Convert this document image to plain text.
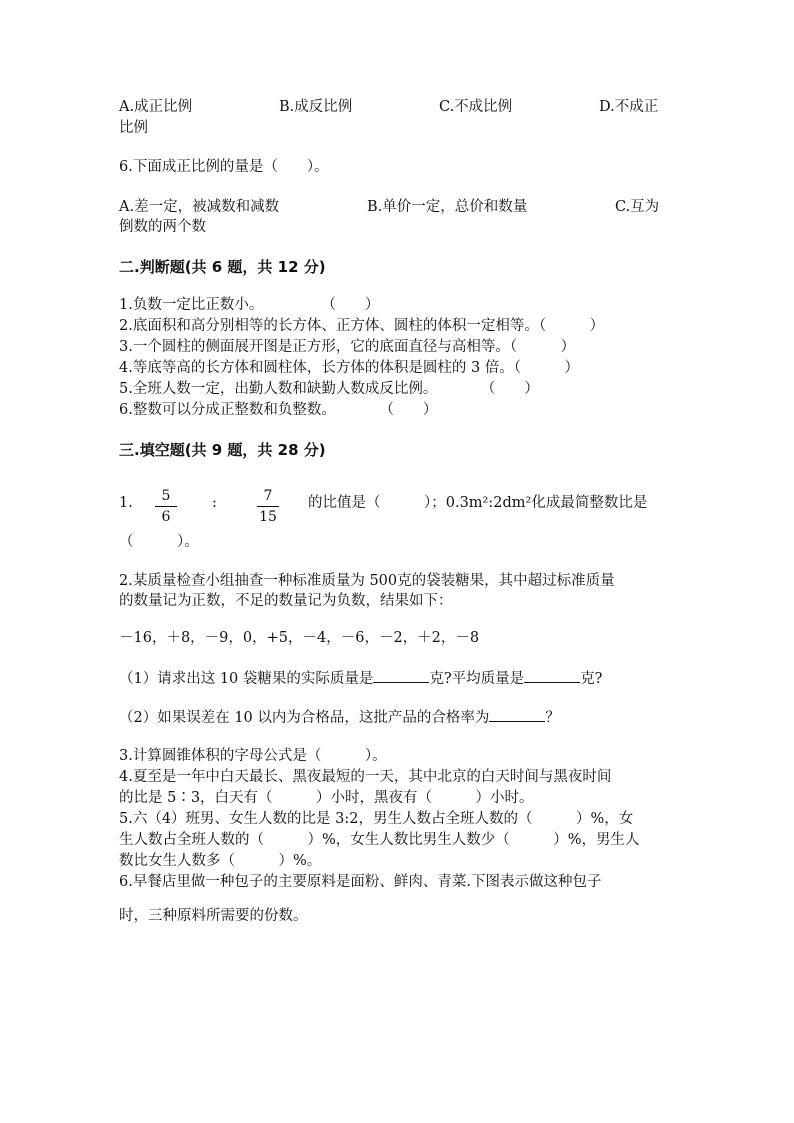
A.成正比例	B.成反比例	C.不成比例	D.不成正
比例
6.下面成正比例的量是（　　）。
A.差一定，被减数和减数	B.单价一定，总价和数量	C.互为
倒数的两个数
二.判断题(共 6 题，共 12 分)
1.负数一定比正数小。　　　　　（　　）
2.底面积和高分别相等的长方体、正方体、圆柱的体积一定相等。（　　　）
3.一个圆柱的侧面展开图是正方形，它的底面直径与高相等。（　　　）
4.等底等高的长方体和圆柱体，长方体的体积是圆柱的 3 倍。（　　　）
5.全班人数一定，出勤人数和缺勤人数成反比例。　　　　（　　）
6.整数可以分成正整数和负整数。　　　　（　　）
三.填空题(共 9 题，共 28 分)
1.	5
6
:	7
15
的比值是（　　　）；0.3m²:2dm²化成最简整数比是
（　　　）。
2.某质量检查小组抽查一种标准质量为 500克的袋装糖果，其中超过标准质量
的数量记为正数，不足的数量记为负数，结果如下：
－16，＋8，－9，0，+5，－4，－6，－2，＋2，－8
（1）请求出这 10 袋糖果的实际质量是	克?平均质量是	克?
（2）如果误差在 10 以内为合格品，这批产品的合格率为	？
3.计算圆锥体积的字母公式是（　　　）。
4.夏至是一年中白天最长、黑夜最短的一天，其中北京的白天时间与黑夜时间
的比是 5∶3，白天有（　　　）小时，黑夜有（　　　）小时。
5.六（4）班男、女生人数的比是 3:2，男生人数占全班人数的（　　　）%，女
生人数占全班人数的（　　　）%，女生人数比男生人数少（　　　）%，男生人
数比女生人数多（　　　）%。
6.早餐店里做一种包子的主要原料是面粉、鲜肉、青菜.下图表示做这种包子
时，三种原料所需要的份数。
